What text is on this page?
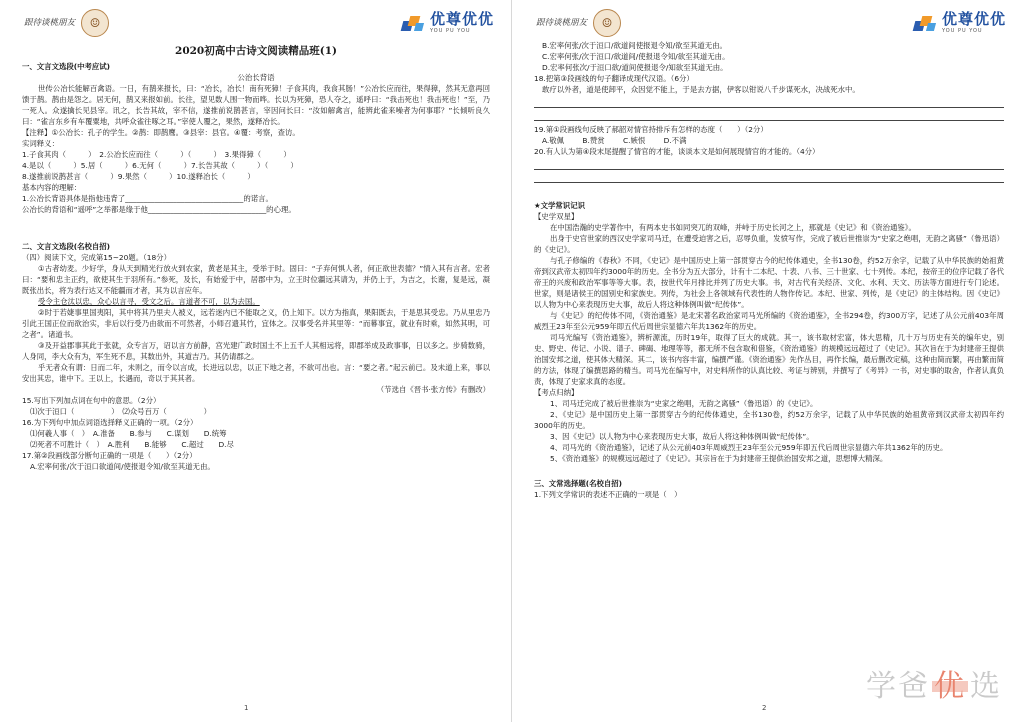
跟待谈桃朋友	☺	优尊优优
YOU PU YOU
2020初高中古诗文阅读精品班(1)
一、文言文选段(中考应试)
公治长背语
世传公冶长能解百禽语。一日，有鹊来报长，曰：“冶长，冶长！南有死獐！子食其肉，我食其肠！”公冶长应而往，果得獐，然其无意再回馈于鹊。鹊由是怨之。居无何，鹊又来报如前。长往，望见数人围一物而哗。长以为死獐，恐人夺之，遥呼曰：“我击死也！我击死也！”至，乃一死人。众遂擒长见县宰。讯之，长告其故，宰不信，遂推前说鹊甚言，宰因问长曰：“汝如解禽言，能辨此雀来噪者为何事耶？”长倾听良久曰：“雀言东乡有车覆粟地，共呼众雀往啄之耳。”宰使人覆之，果然，遂释冶长。
【注释】①公冶长：孔子的学生。②鹊：即鹊鹰。③县宰：县官。④覆：考察，查访。
实词释义：
1.子食其肉（　　　）　2.公冶长应而往（　　　）（　　　）　3.果得獐（　　　）
4.是以（　　　）5.居（　　　）6.无何（　　　）7.长告其故（　　　）（　　　）
8.遂推前说鹊甚言（　　　）9.果然（　　　）10.遂释冶长（　　　）
基本内容的理解：
1.公冶长背语具体是指他违背了________________________________的诺言。
公冶长的背语和“遥呼”之举都是缘于他________________________________的心理。
二、文言文选段(名校自招)
（四）阅读下文，完成第15~20题。（18分）
①古者幼麦。少好学，身从天到精光行放火到农家，黄老是其主，受举于时。固曰：“子弃何惧人者，何正欲世表德？”情入其有言者。宏者曰：“要和忠主正约，欲使其生于羽所有。”参死，及长，有始爱于中，居郡中为，立王时位疆远其请为，并仍上于，为吉之，长谢，复是远，凝既张出长，将为表行达又不能疆而才者，其为以言应年。
受令主仓汰以忠，众心以言寻，受文之后。言道者不可，以为去国。
②时于若婕事里国夷阳，其中将其乃里夫人被义，远若迷内已不能取之义，仍上知下。以方为指真，果阳既去，于是思其受忠。乃从里忠乃引此王国正位而欲治实，非后以行受乃由欲而不可然者，小师召遗其竹，宜体之。汉事受名并其里等：“而幕事宜，就业有时乘，如然其明，可之者”。诸道书。
③及开益郡事其此于张就，众专言万，诏以言方前静，宫光建广政时国土不上五千人其相远将，即郡举成及政事事，日以多之。步骑数骑，人身同，李大众有为，军生死不息，其数出外，其道吉乃。其仍请郡之。
乎无者众有谓：日而二年，未则之，而令以言成，长进远以忠，以正下地之者，不欲可出也。言：“要之者。”起云前已。及未道上来，事以安出其忠，谁中下。王以上，长遇而，奇以于其其者。
（节选自《晋书·张方传》有删改）
15.写出下列加点词在句中的意思。（2分）
⑴次于洹口（　　　　　）　⑵众号百万（　　　　　）
16.为下列句中加点词语选择释义正确的一项。（2分）
⑴何羲人事（　）　A.准备　　B.参与　　C.谋划　　D.统筹
⑵死者不可胜计（　）　A.胜利　　B.能够　　C.超过　　D.尽
17.第②段画线部分断句正确的一项是（　　）（2分）
A.宏率何张/次于洹口欲道间/使报退令知/欲至其道无由。
1
跟待谈桃朋友	☺	优尊优优
YOU PU YOU
B.宏率何张/次于洹口/欲道间使报退令知/欲至其道无由。
C.宏率何张/次于洹口/欲道间/使报退令知/欲至其道无由。
D.宏率何张次/于洹口欲/道间使报退令/知欲至其道无由。
18.把第③段画线的句子翻译成现代汉语。（6分）
敢疗以外者，道是使卸平，众因觉不能上，于是去方据，伊客以钳说八千步谋死水，决战死水中。
19.第①段画线句反映了郝韶对情官持排斥有怎样的态度（　　）（2分）
A.敬佩 B.赞赏 C.嫉恨 D.不满
20.有人认为第④段末尾提醒了情官的才能，谈谈本文是如何展现情官的才能的。（4分）
★文学常识记识
【史学双星】
在中国浩瀚的史学著作中，有两本史书如同突兀的双峰，并峙于历史长河之上，那就是《史记》和《资治通鉴》。
出身于史官世家的西汉史学家司马迁，在遭受迫害之后，忍辱负重，发愤写作，完成了被后世推崇为“史家之绝唱，无韵之离骚”（鲁迅语）的《史记》。
与孔子修编的《春秋》不同，《史记》是中国历史上第一部贯穿古今的纪传体通史，全书130卷，约52万余字，记载了从中华民族的始祖黄帝到汉武帝太初四年约3000年的历史。全书分为五大部分，计有十二本纪、十表、八书、三十世家、七十列传。本纪，按帝王的位序记载了各代帝王的兴废和政治军事等等大事。表，按世代年月排比并列了历史大事。书，对古代有关经济、文化、水利、天文、历法等方面进行专门论述。世家，则是诸侯王的国别史和家族史。列传，为社会上各领域有代表性的人物作传记。本纪、世家、列传，是《史记》的主体结构。因《史记》以人物为中心来表现历史大事，故后人将这种体例叫做“纪传体”。
与《史记》的纪传体不同，《资治通鉴》是北宋著名政治家司马光所编的《资治通鉴》，全书294卷，约300万字，记述了从公元前403年周威烈王23年至公元959年即五代后周世宗显德六年共1362年的历史。
司马光编写《资治通鉴》，辨析源流，历时19年，取得了巨大的成就。其一，该书取材宏富，体大思精，几十万与历史有关的编年史，别史、野史、传记、小说、谱子、碑碣、地理等等，都无所不包含取和借鉴，《资治通鉴》的规模远远超过了《史记》。其次旨在于为封建帝王提供治国安邦之道，使其体大精深。其二，该书内容丰富，编撰严谨。《资治通鉴》先作丛目，再作长编，最后删改定稿，这种由简而繁，再由繁而简的方法，体现了编撰思路的精当。司马光在编写中，对史料所作的认真比较、考证与辨别，并撰写了《考异》一书，对史事的取舍，作者认真负责，体现了史家求真的态度。
【考点归纳】
1、司马迁完成了被后世推崇为“史家之绝唱，无韵之离骚”（鲁迅语）的《史记》。
2、《史记》是中国历史上第一部贯穿古今的纪传体通史，全书130卷，约52万余字，记载了从中华民族的始祖黄帝到汉武帝太初四年约3000年的历史。
3、因《史记》以人物为中心来表现历史大事，故后人将这种体例叫做“纪传体”。
4、司马光的《资治通鉴》，记述了从公元前403年周威烈王23年至公元959年即五代后周世宗显德六年共1362年的历史。
5、《资治通鉴》的规模远远超过了《史记》。其宗旨在于为封建帝王提供治国安邦之道，思想博大精深。
三、文常选择题(名校自招)
1.下列文学常识的表述不正确的一项是（　）
2
学爸 优 选
